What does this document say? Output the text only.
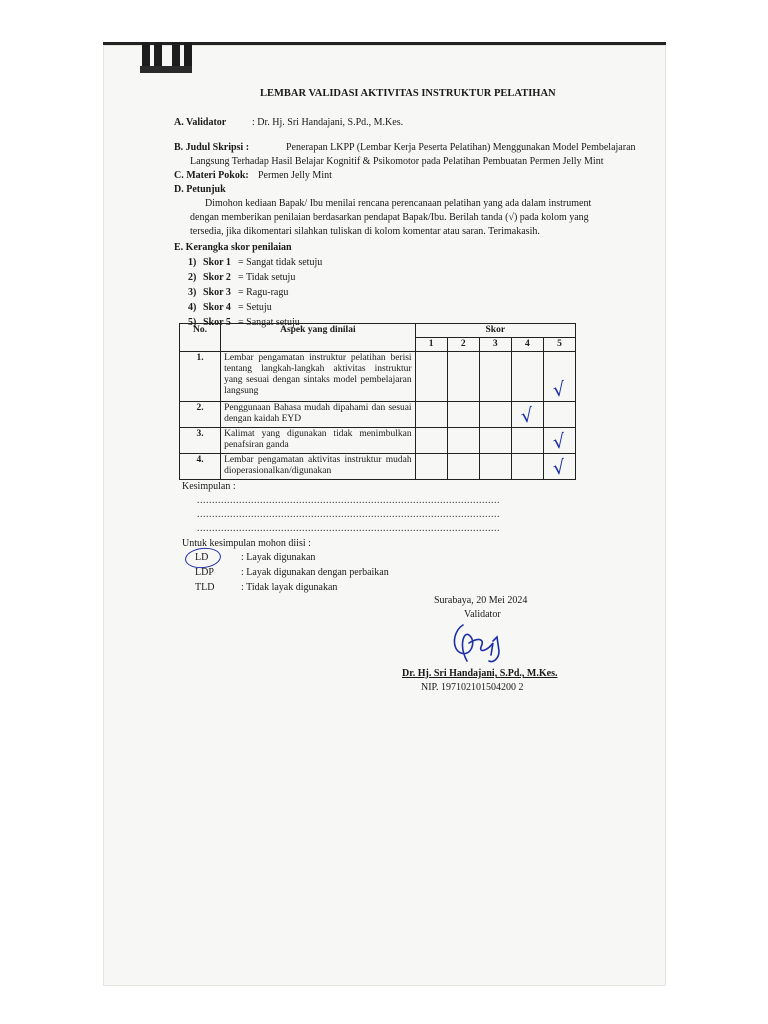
LEMBAR VALIDASI AKTIVITAS INSTRUKTUR PELATIHAN
A. Validator	: Dr. Hj. Sri Handajani, S.Pd., M.Kes.
B. Judul Skripsi :	Penerapan LKPP (Lembar Kerja Peserta Pelatihan) Menggunakan Model Pembelajaran
Langsung Terhadap Hasil Belajar Kognitif & Psikomotor pada Pelatihan Pembuatan Permen Jelly Mint
C. Materi Pokok: Permen Jelly Mint
D. Petunjuk
Dimohon kediaan Bapak/ Ibu menilai rencana perencanaan pelatihan yang ada dalam instrument
dengan memberikan penilaian berdasarkan pendapat Bapak/Ibu. Berilah tanda (√) pada kolom yang
tersedia, jika dikomentari silahkan tuliskan di kolom komentar atau saran. Terimakasih.
E. Kerangka skor penilaian
1) Skor 1 = Sangat tidak setuju
2) Skor 2 = Tidak setuju
3) Skor 3 = Ragu-ragu
4) Skor 4 = Setuju
5) Skor 5 = Sangat setuju
No.	Aspek yang dinilai	Skor				
		1	2	3	4	5
1.	Lembar pengamatan instruktur pelatihan berisi tentang langkah-langkah aktivitas instruktur yang sesuai dengan sintaks model pembelajaran langsung					√
2.	Penggunaan Bahasa mudah dipahami dan sesuai dengan kaidah EYD				√	
3.	Kalimat yang digunakan tidak menimbulkan penafsiran ganda					√
4.	Lembar pengamatan aktivitas instruktur mudah dioperasionalkan/digunakan					√
Kesimpulan :
.....................................................................................................
.....................................................................................................
.....................................................................................................
Untuk kesimpulan mohon diisi :
LD	: Layak digunakan
LDP	: Layak digunakan dengan perbaikan
TLD	: Tidak layak digunakan
Surabaya, 20 Mei 2024
Validator
Dr. Hj. Sri Handajani, S.Pd., M.Kes.
NIP. 197102101504200 2
